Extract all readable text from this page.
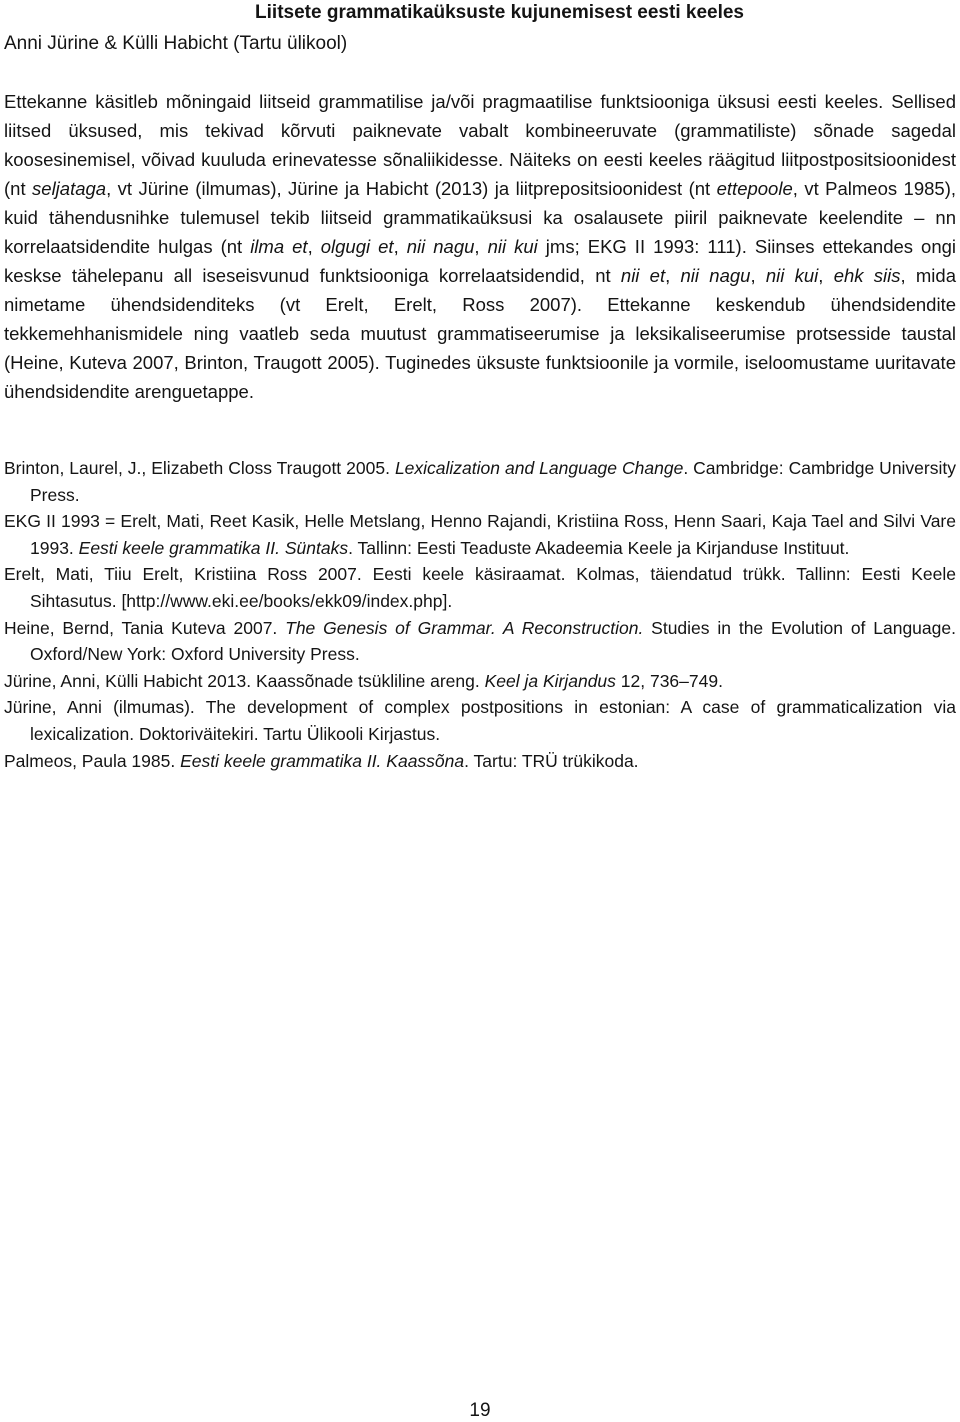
Liitsete grammatikaüksuste kujunemisest eesti keeles
Anni Jürine & Külli Habicht (Tartu ülikool)

Ettekanne käsitleb mõningaid liitseid grammatilise ja/või pragmaatilise funktsiooniga üksusi eesti keeles. Sellised liitsed üksused, mis tekivad kõrvuti paiknevate vabalt kombineeruvate (grammatiliste) sõnade sagedal koosesinemisel, võivad kuuluda erinevatesse sõnaliikidesse. Näiteks on eesti keeles räägitud liitpostpositsioonidest (nt seljataga, vt Jürine (ilmumas), Jürine ja Habicht (2013) ja liitprepositsioonidest (nt ettepoole, vt Palmeos 1985), kuid tähendusnihke tulemusel tekib liitseid grammatikaüksusi ka osalausete piiril paiknevate keelendite – nn korrelaatsidendite hulgas (nt ilma et, olgugi et, nii nagu, nii kui jms; EKG II 1993: 111). Siinses ettekandes ongi keskse tähelepanu all iseseisvunud funktsiooniga korrelaatsidendid, nt nii et, nii nagu, nii kui, ehk siis, mida nimetame ühendsidenditeks (vt Erelt, Erelt, Ross 2007). Ettekanne keskendub ühendsidendite tekkemehhanismidele ning vaatleb seda muutust grammatiseerumise ja leksikaliseerumise protsesside taustal (Heine, Kuteva 2007, Brinton, Traugott 2005). Tuginedes üksuste funktsioonile ja vormile, iseloomustame uuritavate ühendsidendite arenguetappe.

Brinton, Laurel, J., Elizabeth Closs Traugott 2005. Lexicalization and Language Change. Cambridge: Cambridge University Press.

EKG II 1993 = Erelt, Mati, Reet Kasik, Helle Metslang, Henno Rajandi, Kristiina Ross, Henn Saari, Kaja Tael and Silvi Vare 1993. Eesti keele grammatika II. Süntaks. Tallinn: Eesti Teaduste Akadeemia Keele ja Kirjanduse Instituut.

Erelt, Mati, Tiiu Erelt, Kristiina Ross 2007. Eesti keele käsiraamat. Kolmas, täiendatud trükk. Tallinn: Eesti Keele Sihtasutus. [http://www.eki.ee/books/ekk09/index.php].

Heine, Bernd, Tania Kuteva 2007. The Genesis of Grammar. A Reconstruction. Studies in the Evolution of Language. Oxford/New York: Oxford University Press.

Jürine, Anni, Külli Habicht 2013. Kaassõnade tsükliline areng. Keel ja Kirjandus 12, 736–749.

Jürine, Anni (ilmumas). The development of complex postpositions in estonian: A case of grammaticalization via lexicalization. Doktoriväitekiri. Tartu Ülikooli Kirjastus.

Palmeos, Paula 1985. Eesti keele grammatika II. Kaassõna. Tartu: TRÜ trükikoda.

19
